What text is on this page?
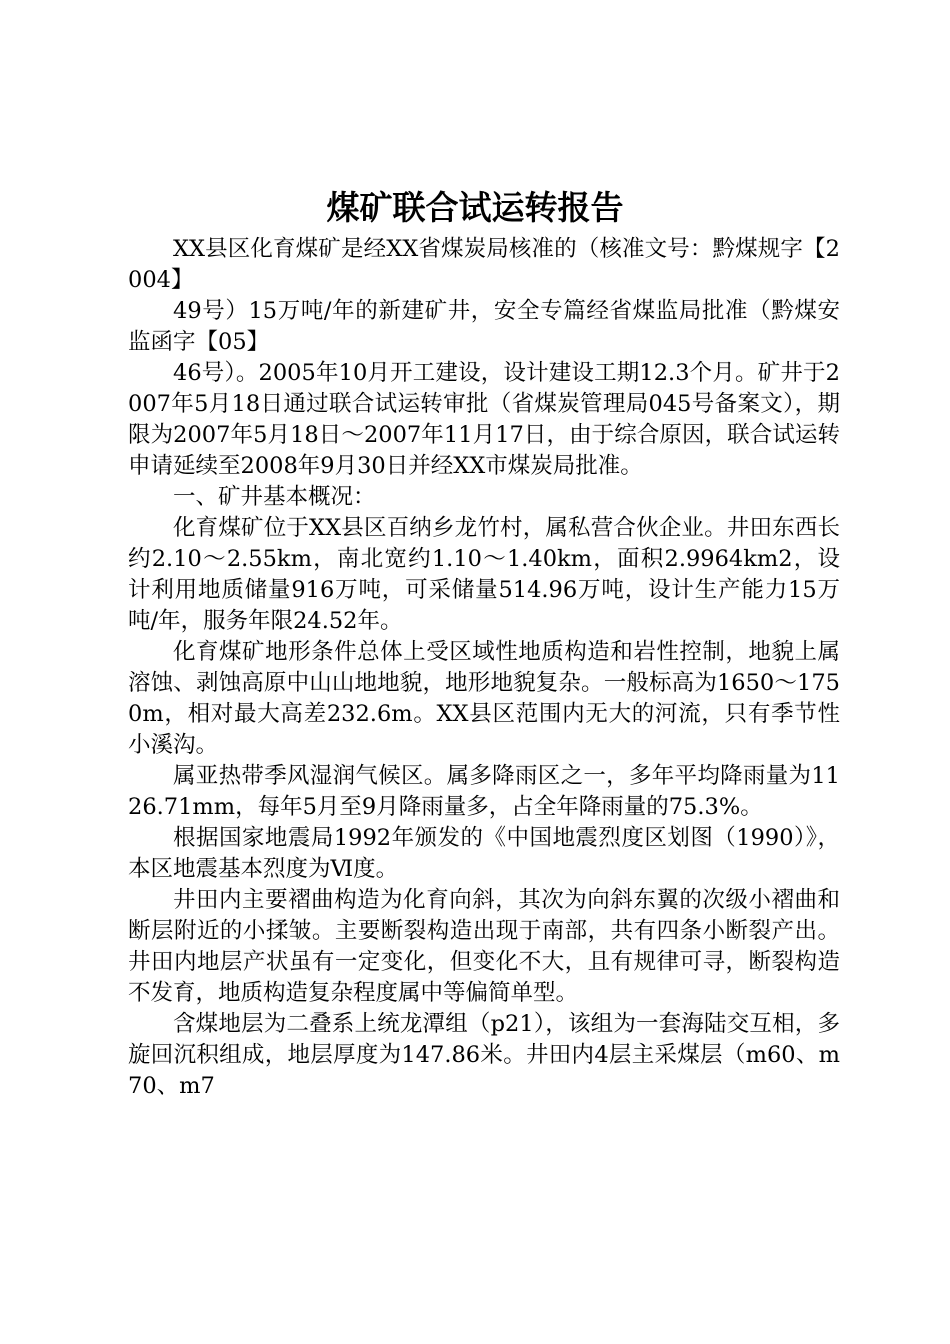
煤矿联合试运转报告

XX县区化育煤矿是经XX省煤炭局核准的（核准文号：黔煤规字【2004】

49号）15万吨/年的新建矿井，安全专篇经省煤监局批准（黔煤安监函字【05】

46号）。2005年10月开工建设，设计建设工期12.3个月。矿井于2007年5月18日通过联合试运转审批（省煤炭管理局045号备案文），期限为2007年5月18日～2007年11月17日，由于综合原因，联合试运转申请延续至2008年9月30日并经XX市煤炭局批准。

一、矿井基本概况：

化育煤矿位于XX县区百纳乡龙竹村，属私营合伙企业。井田东西长约2.10～2.55km，南北宽约1.10～1.40km，面积2.9964km2，设计利用地质储量916万吨，可采储量514.96万吨，设计生产能力15万吨/年，服务年限24.52年。

化育煤矿地形条件总体上受区域性地质构造和岩性控制，地貌上属溶蚀、剥蚀高原中山山地地貌，地形地貌复杂。一般标高为1650～1750m，相对最大高差232.6m。XX县区范围内无大的河流，只有季节性小溪沟。

属亚热带季风湿润气候区。属多降雨区之一，多年平均降雨量为1126.71mm，每年5月至9月降雨量多，占全年降雨量的75.3%。

根据国家地震局1992年颁发的《中国地震烈度区划图（1990）》，本区地震基本烈度为Ⅵ度。

井田内主要褶曲构造为化育向斜，其次为向斜东翼的次级小褶曲和断层附近的小揉皱。主要断裂构造出现于南部，共有四条小断裂产出。井田内地层产状虽有一定变化，但变化不大，且有规律可寻，断裂构造不发育，地质构造复杂程度属中等偏简单型。

含煤地层为二叠系上统龙潭组（p21），该组为一套海陆交互相，多旋回沉积组成，地层厚度为147.86米。井田内4层主采煤层（m60、m70、m7
